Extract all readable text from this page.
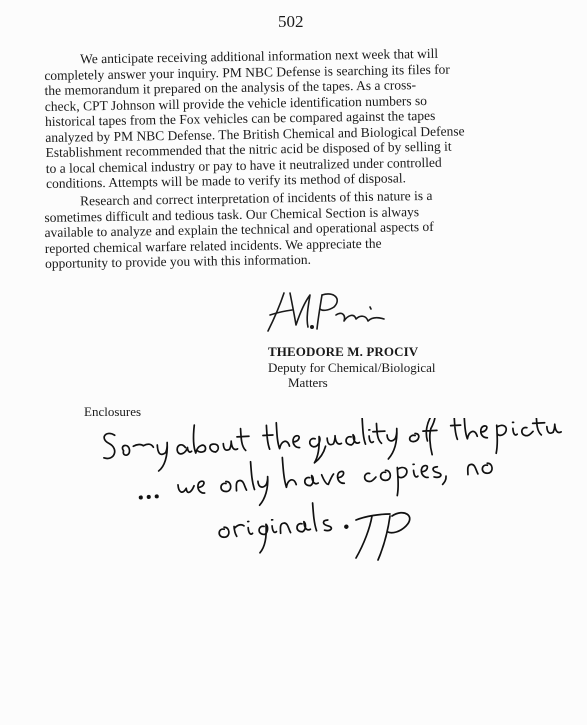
502
We anticipate receiving additional information next week that will
completely answer your inquiry. PM NBC Defense is searching its files for
the memorandum it prepared on the analysis of the tapes. As a cross-
check, CPT Johnson will provide the vehicle identification numbers so
historical tapes from the Fox vehicles can be compared against the tapes
analyzed by PM NBC Defense. The British Chemical and Biological Defense
Establishment recommended that the nitric acid be disposed of by selling it
to a local chemical industry or pay to have it neutralized under controlled
conditions. Attempts will be made to verify its method of disposal.
Research and correct interpretation of incidents of this nature is a
sometimes difficult and tedious task. Our Chemical Section is always
available to analyze and explain the technical and operational aspects of
reported chemical warfare related incidents. We appreciate the
opportunity to provide you with this information.
THEODORE M. PROCIV
Deputy for Chemical/Biological
Matters
Enclosures
